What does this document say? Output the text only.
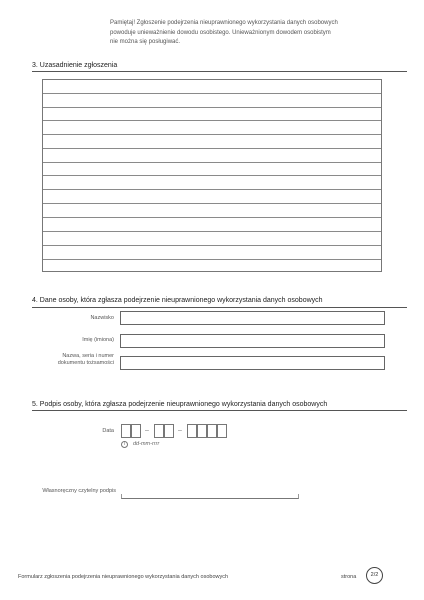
Pamiętaj! Zgłoszenie podejrzenia nieuprawnionego wykorzystania danych osobowych
powoduje unieważnienie dowodu osobistego. Unieważnionym dowodem osobistym
nie można się posługiwać.
3. Uzasadnienie zgłoszenia
4. Dane osoby, która zgłasza podejrzenie nieuprawnionego wykorzystania danych osobowych
Nazwisko
Imię (imiona)
Nazwa, seria i numer
dokumentu tożsamości
5. Podpis osoby, która zgłasza podejrzenie nieuprawnionego wykorzystania danych osobowych
Data	–	–
i	dd-mm-rrrr
Własnoręczny czytelny podpis
Formularz zgłoszenia podejrzenia nieuprawnionego wykorzystania danych osobowych	strona	2/2
